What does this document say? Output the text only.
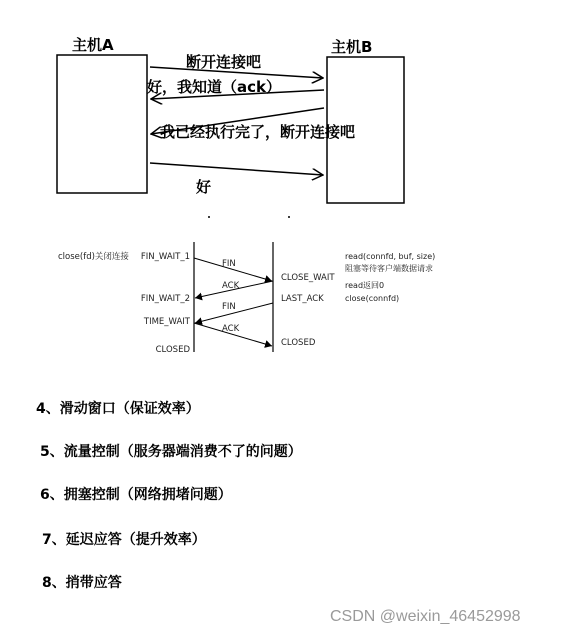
主机A	主机B
断开连接吧
好，我知道（ack）
我已经执行完了，断开连接吧
好
close(fd)关闭连接 FIN_WAIT_1
FIN_WAIT_2
TIME_WAIT
CLOSED
FIN
ACK
FIN
ACK
CLOSE_WAIT
LAST_ACK
CLOSED
read(connfd, buf, size)
阻塞等待客户端数据请求
read返回0
close(connfd)
4、滑动窗口（保证效率）
5、流量控制（服务器端消费不了的问题）
6、拥塞控制（网络拥堵问题）
7、延迟应答（提升效率）
8、捎带应答
CSDN @weixin_46452998
